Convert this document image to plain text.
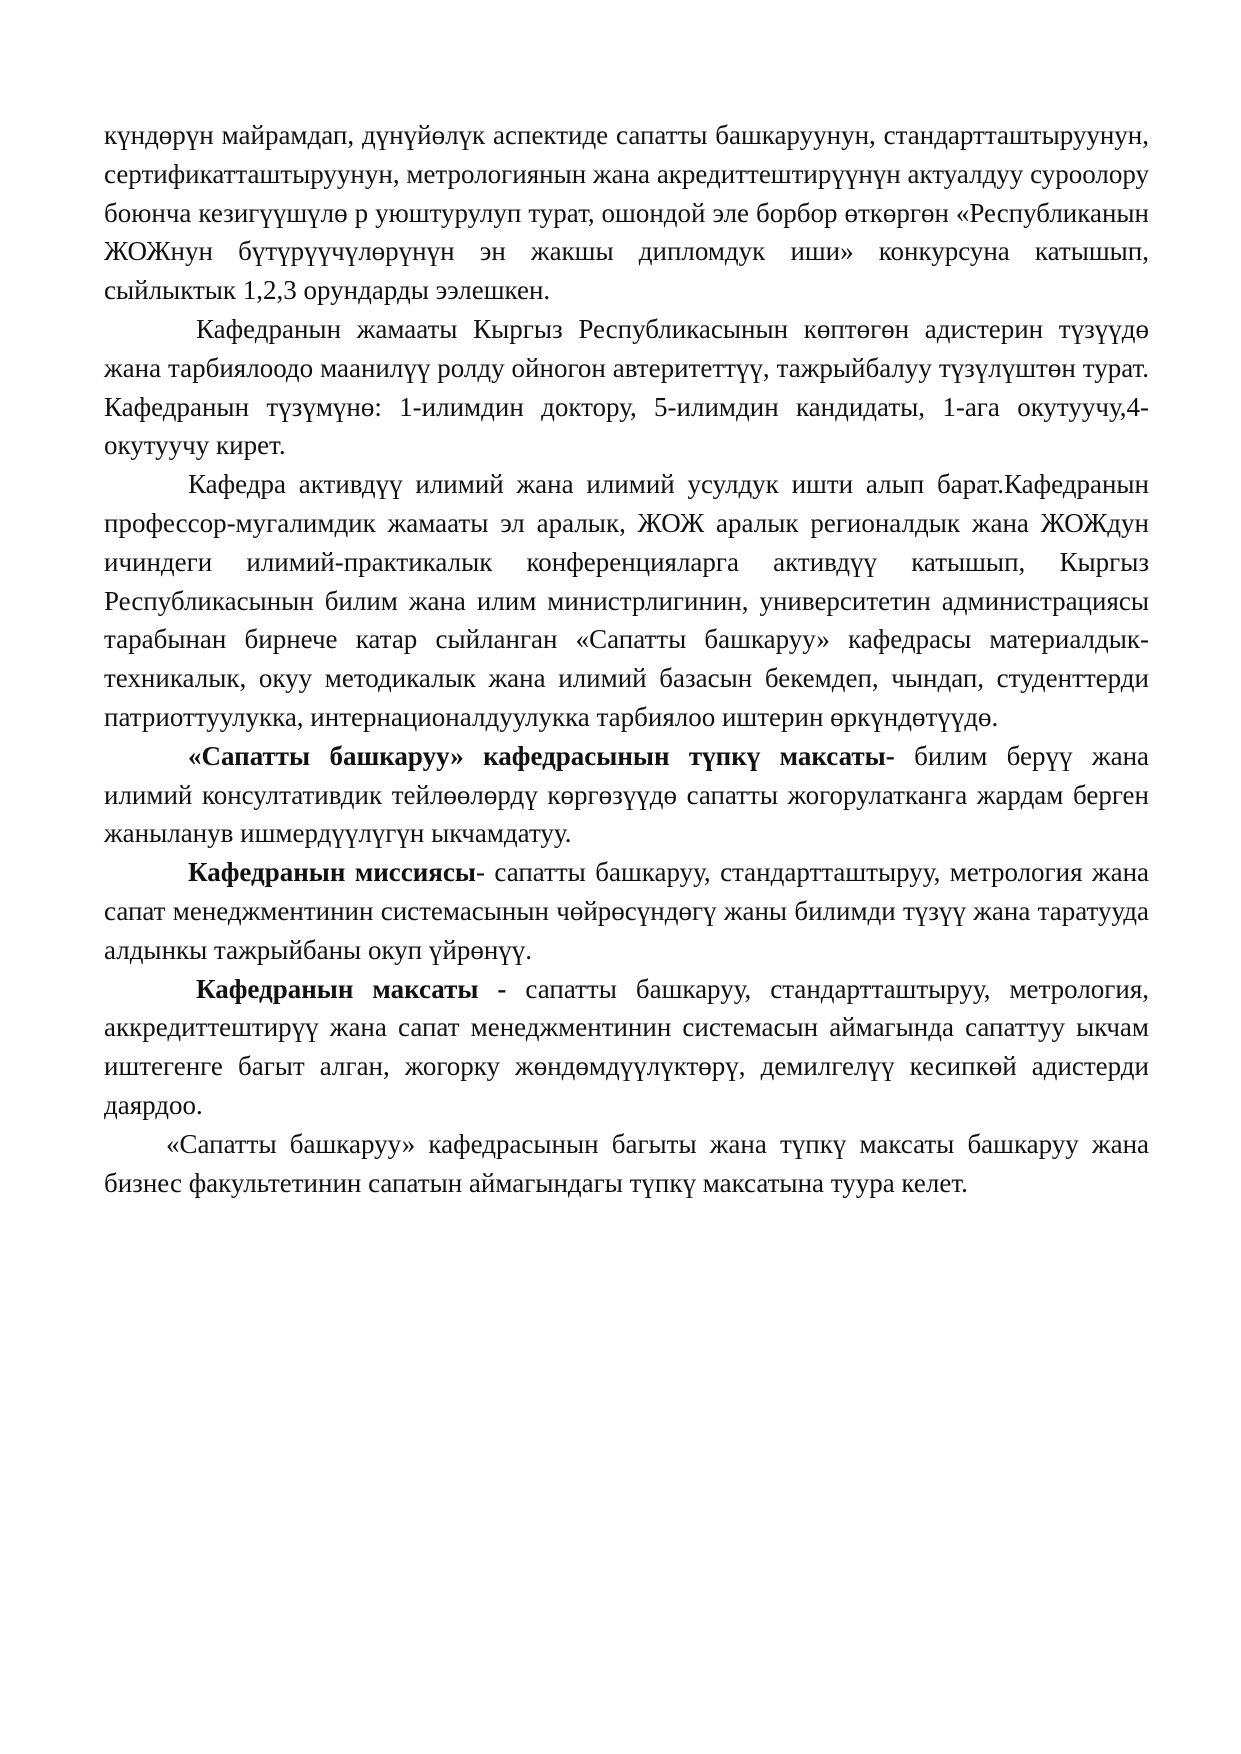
күндөрүн майрамдап, дүнүйөлүк аспектиде сапатты башкаруунун, стандартташтыруунун, сертификатташтыруунун, метрологиянын жана акредиттештирүүнүн актуалдуу суроолору боюнча кезигүүшүлө р уюштурулуп турат, ошондой эле борбор өткөргөн «Республиканын ЖОЖнун бүтүрүүчүлөрүнүн эн жакшы дипломдук иши» конкурсуна катышып, сыйлыктык 1,2,3 орундарды ээлешкен.

Кафедранын жамааты Кыргыз Республикасынын көптөгөн адистерин түзүүдө жана тарбиялоодо маанилүү ролду ойногон автеритеттүү, тажрыйбалуу түзүлүштөн турат. Кафедранын түзүмүнө: 1-илимдин доктору, 5-илимдин кандидаты, 1-ага окутуучу,4-окутуучу кирет.

Кафедра активдүү илимий жана илимий усулдук ишти алып барат.Кафедранын профессор-мугалимдик жамааты эл аралык, ЖОЖ аралык регионалдык жана ЖОЖдун ичиндеги илимий-практикалык конференцияларга активдүү катышып, Кыргыз Республикасынын билим жана илим министрлигинин, университетин администрациясы тарабынан бирнече катар сыйланган «Сапатты башкаруу» кафедрасы материалдык-техникалык, окуу методикалык жана илимий базасын бекемдеп, чындап, студенттерди патриоттуулукка, интернационалдуулукка тарбиялоо иштерин өркүндөтүүдө.

«Сапатты башкаруу» кафедрасынын түпкү максаты- билим берүү жана илимий консултативдик тейлөөлөрдү көргөзүүдө сапатты жогорулатканга жардам берген жаныланув ишмердүүлүгүн ыкчамдатуу.

Кафедранын миссиясы- сапатты башкаруу, стандартташтыруу, метрология жана сапат менеджментинин системасынын чөйрөсүндөгү жаны билимди түзүү жана таратууда алдынкы тажрыйбаны окуп үйрөнүү.

Кафедранын максаты - сапатты башкаруу, стандартташтыруу, метрология, аккредиттештирүү жана сапат менеджментинин системасын аймагында сапаттуу ыкчам иштегенге багыт алган, жогорку жөндөмдүүлүктөрү, демилгелүү кесипкөй адистерди даярдоо.

«Сапатты башкаруу» кафедрасынын багыты жана түпкү максаты башкаруу жана бизнес факультетинин сапатын аймагындагы түпкү максатына туура келет.
